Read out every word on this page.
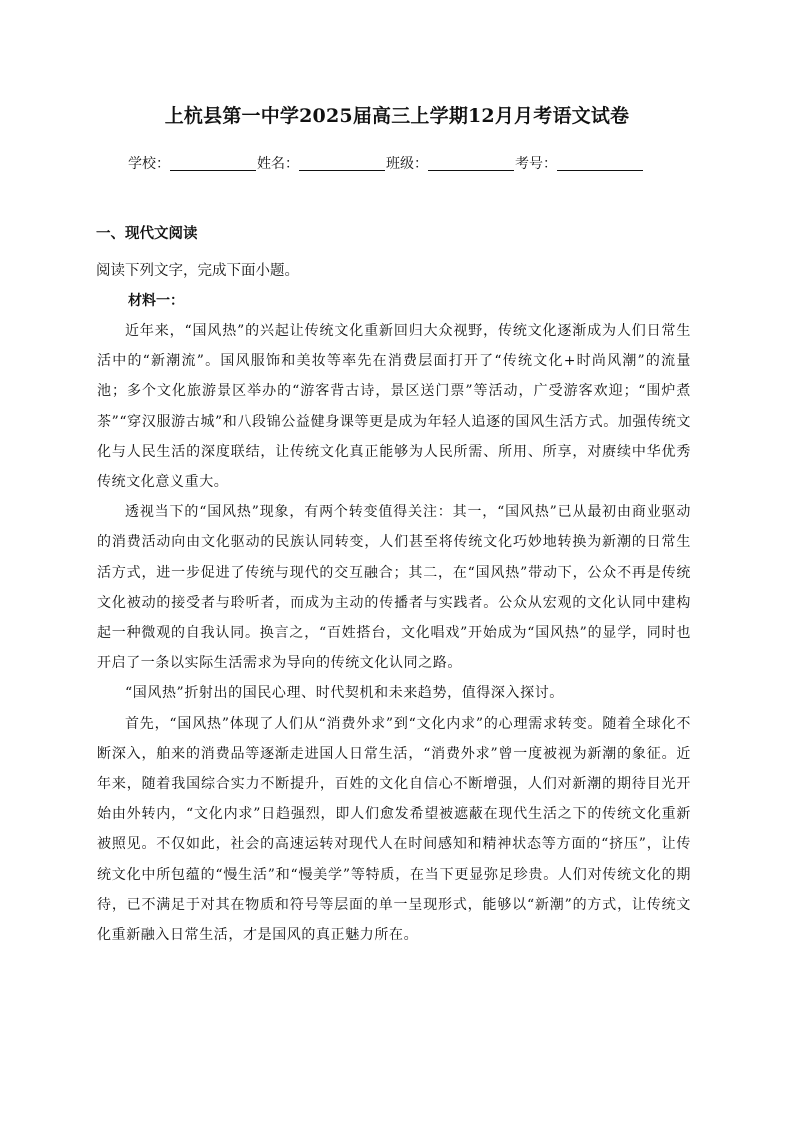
上杭县第一中学2025届高三上学期12月月考语文试卷
学校：	姓名：	班级：	考号：
一、现代文阅读
阅读下列文字，完成下面小题。
材料一：

近年来，“国风热”的兴起让传统文化重新回归大众视野，传统文化逐渐成为人们日常生活中的“新潮流”。国风服饰和美妆等率先在消费层面打开了“传统文化+时尚风潮”的流量池；多个文化旅游景区举办的“游客背古诗，景区送门票”等活动，广受游客欢迎；“围炉煮茶”“穿汉服游古城”和八段锦公益健身课等更是成为年轻人追逐的国风生活方式。加强传统文化与人民生活的深度联结，让传统文化真正能够为人民所需、所用、所享，对赓续中华优秀传统文化意义重大。

透视当下的“国风热”现象，有两个转变值得关注：其一，“国风热”已从最初由商业驱动的消费活动向由文化驱动的民族认同转变，人们甚至将传统文化巧妙地转换为新潮的日常生活方式，进一步促进了传统与现代的交互融合；其二，在“国风热”带动下，公众不再是传统文化被动的接受者与聆听者，而成为主动的传播者与实践者。公众从宏观的文化认同中建构起一种微观的自我认同。换言之，“百姓搭台，文化唱戏”开始成为“国风热”的显学，同时也开启了一条以实际生活需求为导向的传统文化认同之路。

“国风热”折射出的国民心理、时代契机和未来趋势，值得深入探讨。

首先，“国风热”体现了人们从“消费外求”到“文化内求”的心理需求转变。随着全球化不断深入，舶来的消费品等逐渐走进国人日常生活，“消费外求”曾一度被视为新潮的象征。近年来，随着我国综合实力不断提升，百姓的文化自信心不断增强，人们对新潮的期待目光开始由外转内，“文化内求”日趋强烈，即人们愈发希望被遮蔽在现代生活之下的传统文化重新被照见。不仅如此，社会的高速运转对现代人在时间感知和精神状态等方面的“挤压”，让传统文化中所包蕴的“慢生活”和“慢美学”等特质，在当下更显弥足珍贵。人们对传统文化的期待，已不满足于对其在物质和符号等层面的单一呈现形式，能够以“新潮”的方式，让传统文化重新融入日常生活，才是国风的真正魅力所在。
